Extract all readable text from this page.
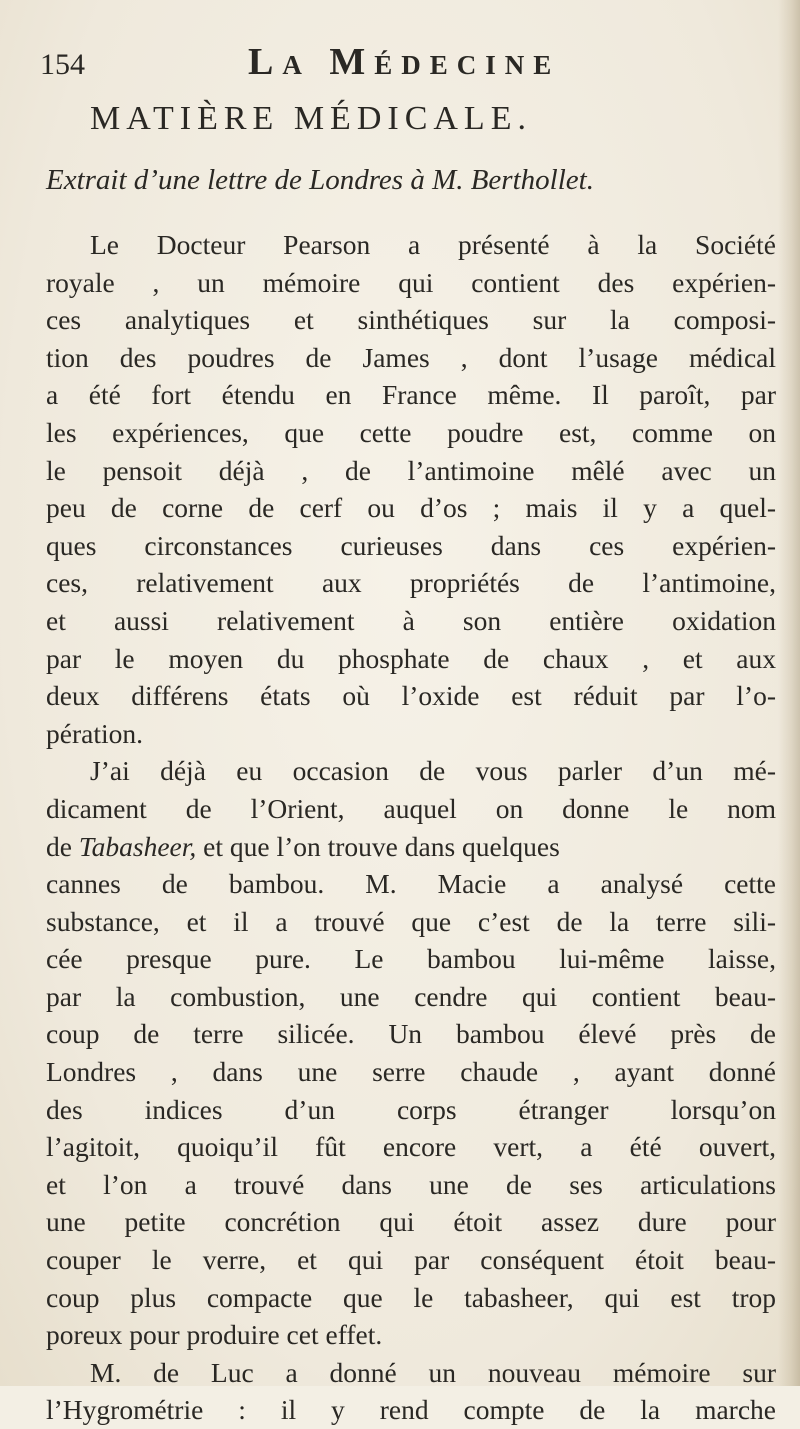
154	La Médecine
MATIÈRE MÉDICALE.
Extrait d’une lettre de Londres à M. Berthollet.
Le Docteur Pearson a présenté à la Société
royale , un mémoire qui contient des expérien-
ces analytiques et sinthétiques sur la composi-
tion des poudres de James , dont l’usage médical
a été fort étendu en France même. Il paroît, par
les expériences, que cette poudre est, comme on
le pensoit déjà , de l’antimoine mêlé avec un
peu de corne de cerf ou d’os ; mais il y a quel-
ques circonstances curieuses dans ces expérien-
ces, relativement aux propriétés de l’antimoine,
et aussi relativement à son entière oxidation
par le moyen du phosphate de chaux , et aux
deux différens états où l’oxide est réduit par l’o-
pération.
J’ai déjà eu occasion de vous parler d’un mé-
dicament de l’Orient, auquel on donne le nom
de Tabasheer, et que l’on trouve dans quelques
cannes de bambou. M. Macie a analysé cette
substance, et il a trouvé que c’est de la terre sili-
cée presque pure. Le bambou lui-même laisse,
par la combustion, une cendre qui contient beau-
coup de terre silicée. Un bambou élevé près de
Londres , dans une serre chaude , ayant donné
des indices d’un corps étranger lorsqu’on
l’agitoit, quoiqu’il fût encore vert, a été ouvert,
et l’on a trouvé dans une de ses articulations
une petite concrétion qui étoit assez dure pour
couper le verre, et qui par conséquent étoit beau-
coup plus compacte que le tabasheer, qui est trop
poreux pour produire cet effet.
M. de Luc a donné un nouveau mémoire sur
l’Hygrométrie : il y rend compte de la marche
